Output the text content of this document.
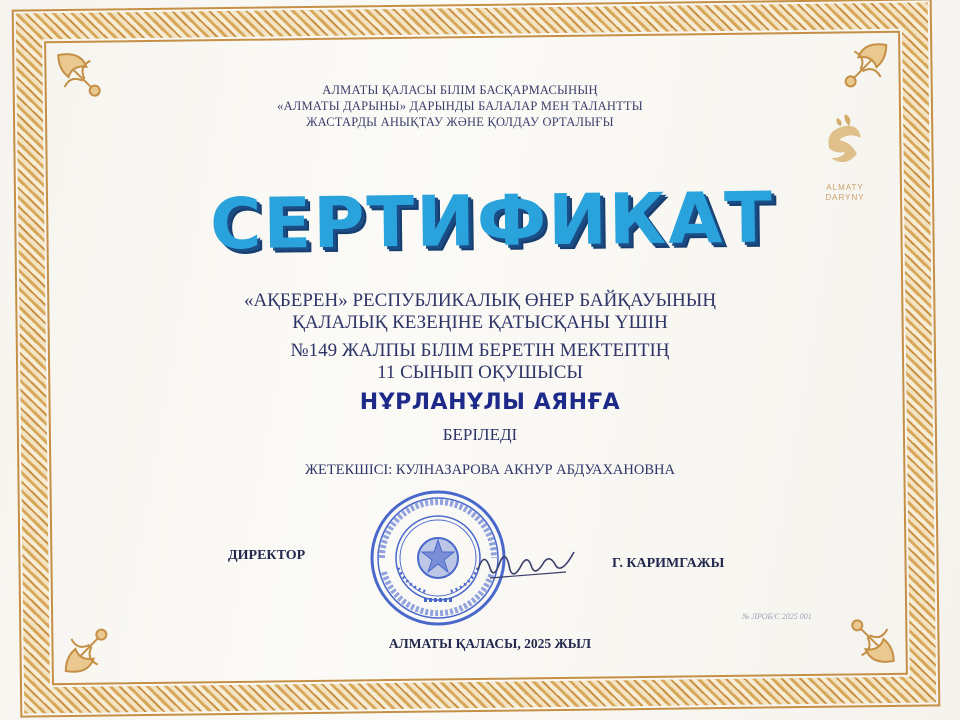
АЛМАТЫ ҚАЛАСЫ БІЛІМ БАСҚАРМАСЫНЫҢ
«АЛМАТЫ ДАРЫНЫ» ДАРЫНДЫ БАЛАЛАР МЕН ТАЛАНТТЫ
ЖАСТАРДЫ АНЫҚТАУ ЖӘНЕ ҚОЛДАУ ОРТАЛЫҒЫ
ALMATY
DARYNY
СЕРТИФИКАТ
«АҚБЕРЕН» РЕСПУБЛИКАЛЫҚ ӨНЕР БАЙҚАУЫНЫҢ
ҚАЛАЛЫҚ КЕЗЕҢІНЕ ҚАТЫСҚАНЫ ҮШІН
№149 ЖАЛПЫ БІЛІМ БЕРЕТІН МЕКТЕПТІҢ
11 СЫНЫП ОҚУШЫСЫ
НҰРЛАНҰЛЫ АЯНҒА
БЕРІЛЕДІ
ЖЕТЕКШІСІ: КУЛНАЗАРОВА АКНУР АБДУАХАНОВНА
ДИРЕКТОР
Г. КАРИМГАЖЫ
№ ЛРОБ/С 2025 001
АЛМАТЫ ҚАЛАСЫ, 2025 ЖЫЛ
